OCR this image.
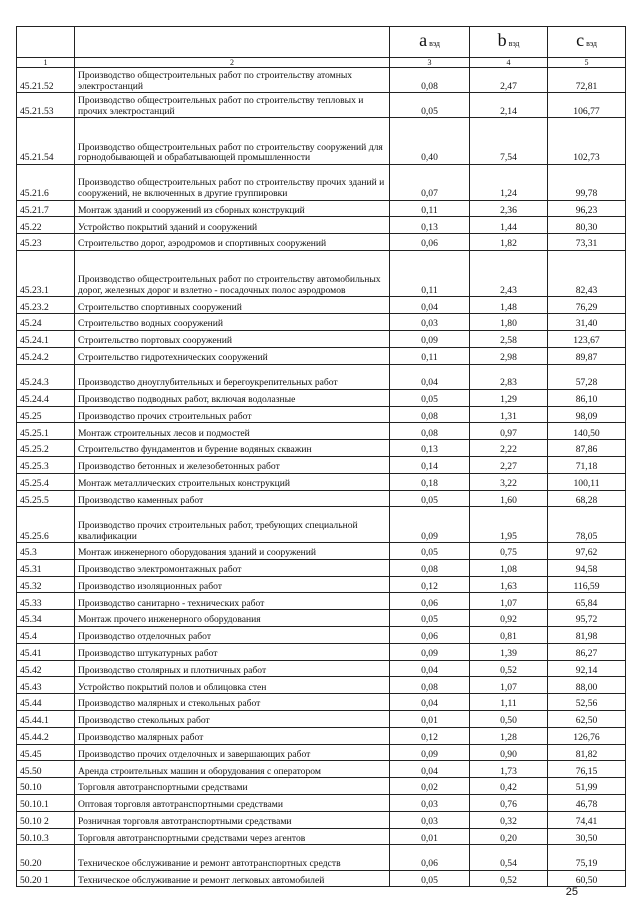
		a вэд	b вэд	c вэд
1	2	3	4	5
45.21.52	Производство общестроительных работ по строительству атомных электростанций	0,08	2,47	72,81
45.21.53	Производство общестроительных работ по строительству тепловых и прочих электростанций	0,05	2,14	106,77
45.21.54	Производство общестроительных работ по строительству сооружений для горнодобывающей и обрабатывающей промышленности	0,40	7,54	102,73
45.21.6	Производство общестроительных работ по строительству прочих зданий и сооружений, не включенных в другие группировки	0,07	1,24	99,78
45.21.7	Монтаж зданий и сооружений из сборных конструкций	0,11	2,36	96,23
45.22	Устройство покрытий зданий и сооружений	0,13	1,44	80,30
45.23	Строительство дорог, аэродромов и спортивных сооружений	0,06	1,82	73,31
45.23.1	Производство общестроительных работ по строительству автомобильных дорог, железных дорог и взлетно - посадочных полос аэродромов	0,11	2,43	82,43
45.23.2	Строительство спортивных сооружений	0,04	1,48	76,29
45.24	Строительство водных сооружений	0,03	1,80	31,40
45.24.1	Строительство портовых сооружений	0,09	2,58	123,67
45.24.2	Строительство гидротехнических сооружений	0,11	2,98	89,87
45.24.3	Производство дноуглубительных и берегоукрепительных работ	0,04	2,83	57,28
45.24.4	Производство подводных работ, включая водолазные	0,05	1,29	86,10
45.25	Производство прочих строительных работ	0,08	1,31	98,09
45.25.1	Монтаж строительных лесов и подмостей	0,08	0,97	140,50
45.25.2	Строительство фундаментов и бурение водяных скважин	0,13	2,22	87,86
45.25.3	Производство бетонных и железобетонных работ	0,14	2,27	71,18
45.25.4	Монтаж металлических строительных конструкций	0,18	3,22	100,11
45.25.5	Производство каменных работ	0,05	1,60	68,28
45.25.6	Производство прочих строительных работ, требующих специальной квалификации	0,09	1,95	78,05
45.3	Монтаж инженерного оборудования зданий и сооружений	0,05	0,75	97,62
45.31	Производство электромонтажных работ	0,08	1,08	94,58
45.32	Производство изоляционных работ	0,12	1,63	116,59
45.33	Производство санитарно - технических работ	0,06	1,07	65,84
45.34	Монтаж прочего инженерного оборудования	0,05	0,92	95,72
45.4	Производство отделочных работ	0,06	0,81	81,98
45.41	Производство штукатурных работ	0,09	1,39	86,27
45.42	Производство столярных и плотничных работ	0,04	0,52	92,14
45.43	Устройство покрытий полов и облицовка стен	0,08	1,07	88,00
45.44	Производство малярных и стекольных работ	0,04	1,11	52,56
45.44.1	Производство стекольных работ	0,01	0,50	62,50
45.44.2	Производство малярных работ	0,12	1,28	126,76
45.45	Производство прочих отделочных и завершающих работ	0,09	0,90	81,82
45.50	Аренда строительных машин и оборудования с оператором	0,04	1,73	76,15
50.10	Торговля автотранспортными средствами	0,02	0,42	51,99
50.10.1	Оптовая торговля автотранспортными средствами	0,03	0,76	46,78
50.10 2	Розничная торговля автотранспортными средствами	0,03	0,32	74,41
50.10.3	Торговля автотранспортными средствами через агентов	0,01	0,20	30,50
50.20	Техническое обслуживание и ремонт автотранспортных средств	0,06	0,54	75,19
50.20 1	Техническое обслуживание и ремонт легковых автомобилей	0,05	0,52	60,50
25
